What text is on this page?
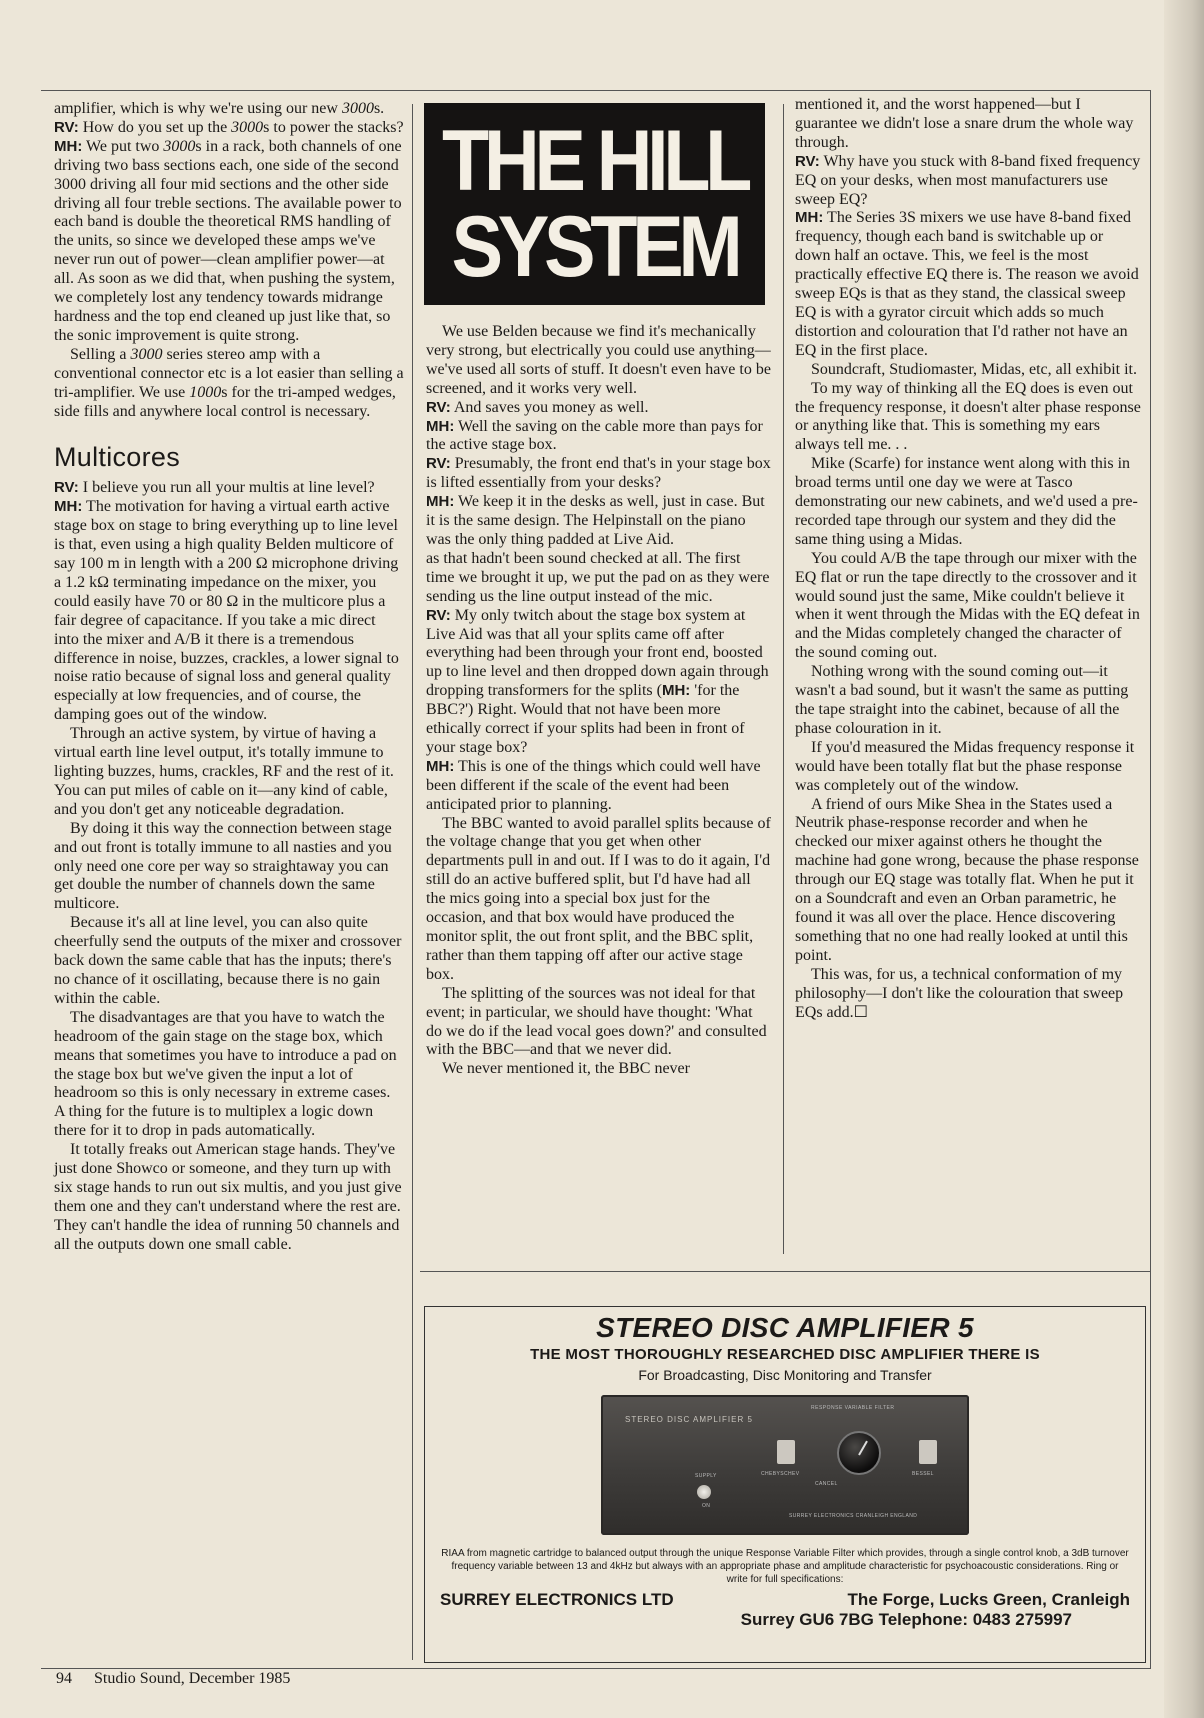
amplifier, which is why we're using our new 3000s.

RV: How do you set up the 3000s to power the stacks?

MH: We put two 3000s in a rack, both channels of one driving two bass sections each, one side of the second 3000 driving all four mid sections and the other side driving all four treble sections. The available power to each band is double the theoretical RMS handling of the units, so since we developed these amps we've never run out of power—clean amplifier power—at all. As soon as we did that, when pushing the system, we completely lost any tendency towards midrange hardness and the top end cleaned up just like that, so the sonic improvement is quite strong.

Selling a 3000 series stereo amp with a conventional connector etc is a lot easier than selling a tri-amplifier. We use 1000s for the tri-amped wedges, side fills and anywhere local control is necessary.

Multicores

RV: I believe you run all your multis at line level?

MH: The motivation for having a virtual earth active stage box on stage to bring everything up to line level is that, even using a high quality Belden multicore of say 100 m in length with a 200 Ω microphone driving a 1.2 kΩ terminating impedance on the mixer, you could easily have 70 or 80 Ω in the multicore plus a fair degree of capacitance. If you take a mic direct into the mixer and A/B it there is a tremendous difference in noise, buzzes, crackles, a lower signal to noise ratio because of signal loss and general quality especially at low frequencies, and of course, the damping goes out of the window.

Through an active system, by virtue of having a virtual earth line level output, it's totally immune to lighting buzzes, hums, crackles, RF and the rest of it. You can put miles of cable on it—any kind of cable, and you don't get any noticeable degradation.

By doing it this way the connection between stage and out front is totally immune to all nasties and you only need one core per way so straightaway you can get double the number of channels down the same multicore.

Because it's all at line level, you can also quite cheerfully send the outputs of the mixer and crossover back down the same cable that has the inputs; there's no chance of it oscillating, because there is no gain within the cable.

The disadvantages are that you have to watch the headroom of the gain stage on the stage box, which means that sometimes you have to introduce a pad on the stage box but we've given the input a lot of headroom so this is only necessary in extreme cases. A thing for the future is to multiplex a logic down there for it to drop in pads automatically.

It totally freaks out American stage hands. They've just done Showco or someone, and they turn up with six stage hands to run out six multis, and you just give them one and they can't understand where the rest are. They can't handle the idea of running 50 channels and all the outputs down one small cable.

THE HILL
SYSTEM

We use Belden because we find it's mechanically very strong, but electrically you could use anything—we've used all sorts of stuff. It doesn't even have to be screened, and it works very well.

RV: And saves you money as well.

MH: Well the saving on the cable more than pays for the active stage box.

RV: Presumably, the front end that's in your stage box is lifted essentially from your desks?

MH: We keep it in the desks as well, just in case. But it is the same design. The Helpinstall on the piano was the only thing padded at Live Aid.

as that hadn't been sound checked at all. The first time we brought it up, we put the pad on as they were sending us the line output instead of the mic.

RV: My only twitch about the stage box system at Live Aid was that all your splits came off after everything had been through your front end, boosted up to line level and then dropped down again through dropping transformers for the splits (MH: 'for the BBC?') Right. Would that not have been more ethically correct if your splits had been in front of your stage box?

MH: This is one of the things which could well have been different if the scale of the event had been anticipated prior to planning.

The BBC wanted to avoid parallel splits because of the voltage change that you get when other departments pull in and out. If I was to do it again, I'd still do an active buffered split, but I'd have had all the mics going into a special box just for the occasion, and that box would have produced the monitor split, the out front split, and the BBC split, rather than them tapping off after our active stage box.

The splitting of the sources was not ideal for that event; in particular, we should have thought: 'What do we do if the lead vocal goes down?' and consulted with the BBC—and that we never did.

We never mentioned it, the BBC never

mentioned it, and the worst happened—but I guarantee we didn't lose a snare drum the whole way through.

RV: Why have you stuck with 8-band fixed frequency EQ on your desks, when most manufacturers use sweep EQ?

MH: The Series 3S mixers we use have 8-band fixed frequency, though each band is switchable up or down half an octave. This, we feel is the most practically effective EQ there is. The reason we avoid sweep EQs is that as they stand, the classical sweep EQ is with a gyrator circuit which adds so much distortion and colouration that I'd rather not have an EQ in the first place.

Soundcraft, Studiomaster, Midas, etc, all exhibit it.

To my way of thinking all the EQ does is even out the frequency response, it doesn't alter phase response or anything like that. This is something my ears always tell me. . .

Mike (Scarfe) for instance went along with this in broad terms until one day we were at Tasco demonstrating our new cabinets, and we'd used a pre-recorded tape through our system and they did the same thing using a Midas.

You could A/B the tape through our mixer with the EQ flat or run the tape directly to the crossover and it would sound just the same, Mike couldn't believe it when it went through the Midas with the EQ defeat in and the Midas completely changed the character of the sound coming out.

Nothing wrong with the sound coming out—it wasn't a bad sound, but it wasn't the same as putting the tape straight into the cabinet, because of all the phase colouration in it.

If you'd measured the Midas frequency response it would have been totally flat but the phase response was completely out of the window.

A friend of ours Mike Shea in the States used a Neutrik phase-response recorder and when he checked our mixer against others he thought the machine had gone wrong, because the phase response through our EQ stage was totally flat. When he put it on a Soundcraft and even an Orban parametric, he found it was all over the place. Hence discovering something that no one had really looked at until this point.

This was, for us, a technical conformation of my philosophy—I don't like the colouration that sweep EQs add.☐

STEREO DISC AMPLIFIER 5
THE MOST THOROUGHLY RESEARCHED DISC AMPLIFIER THERE IS
For Broadcasting, Disc Monitoring and Transfer
STEREO DISC AMPLIFIER 5
RESPONSE VARIABLE FILTER
CHEBYSCHEV	BESSEL
CANCEL
SUPPLY
ON
SURREY ELECTRONICS CRANLEIGH ENGLAND
RIAA from magnetic cartridge to balanced output through the unique Response Variable Filter which provides, through a single control knob, a 3dB turnover frequency variable between 13 and 4kHz but always with an appropriate phase and amplitude characteristic for psychoacoustic considerations. Ring or write for full specifications:
SURREY ELECTRONICS LTD	The Forge, Lucks Green, Cranleigh
Surrey GU6 7BG Telephone: 0483 275997
94 Studio Sound, December 1985
